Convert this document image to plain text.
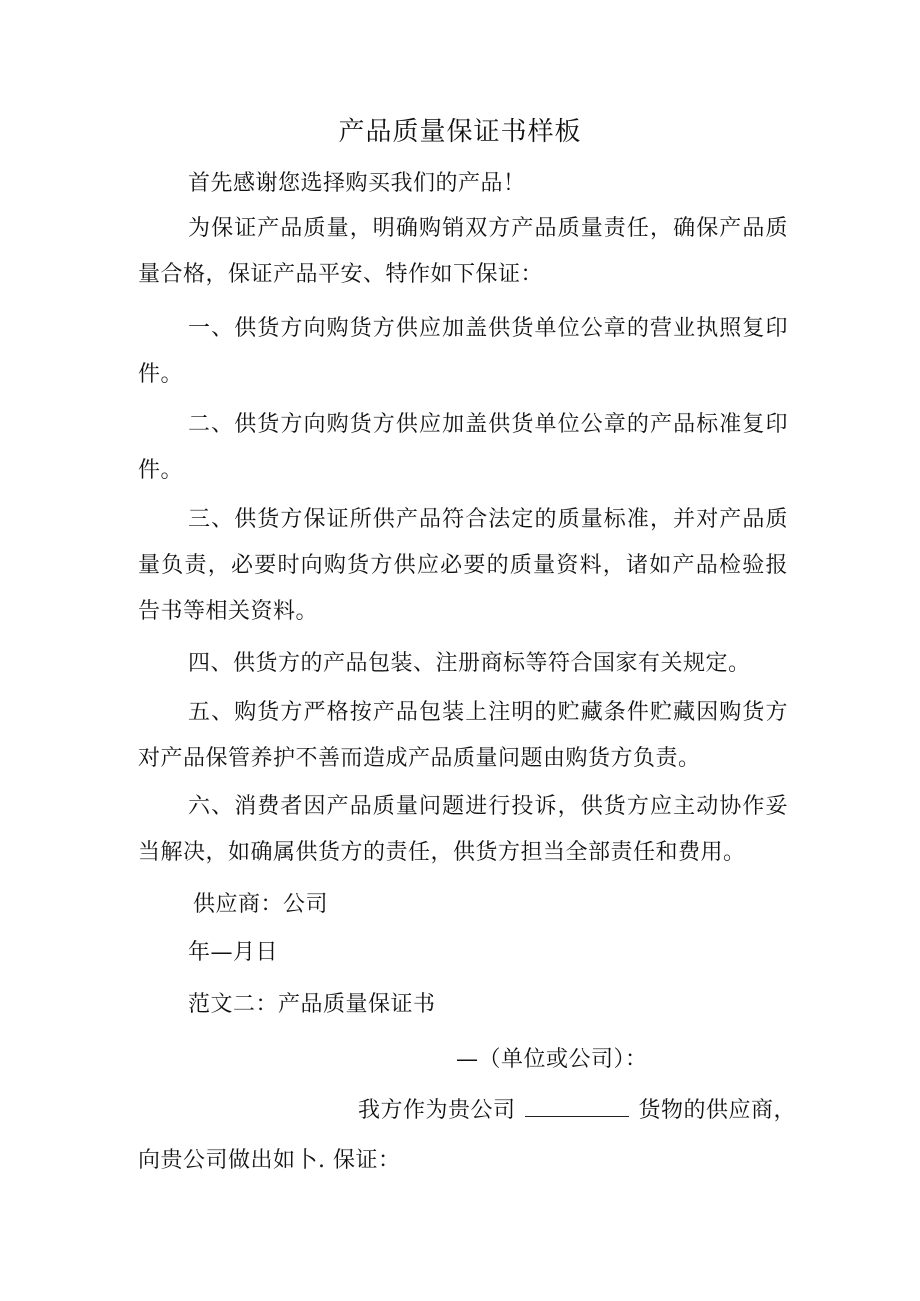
产品质量保证书样板
首先感谢您选择购买我们的产品！
为保证产品质量，明确购销双方产品质量责任，确保产品质量合格，保证产品平安、特作如下保证：
一、供货方向购货方供应加盖供货单位公章的营业执照复印件。
二、供货方向购货方供应加盖供货单位公章的产品标准复印件。
三、供货方保证所供产品符合法定的质量标准，并对产品质量负责，必要时向购货方供应必要的质量资料，诸如产品检验报告书等相关资料。
四、供货方的产品包装、注册商标等符合国家有关规定。
五、购货方严格按产品包装上注明的贮藏条件贮藏因购货方对产品保管养护不善而造成产品质量问题由购货方负责。
六、消费者因产品质量问题进行投诉，供货方应主动协作妥当解决，如确属供货方的责任，供货方担当全部责任和费用。
供应商：公司
年—月日
范文二：产品质量保证书
—（单位或公司）：
我方作为贵公司	货物的供应商，
向贵公司做出如卜. 保证：
